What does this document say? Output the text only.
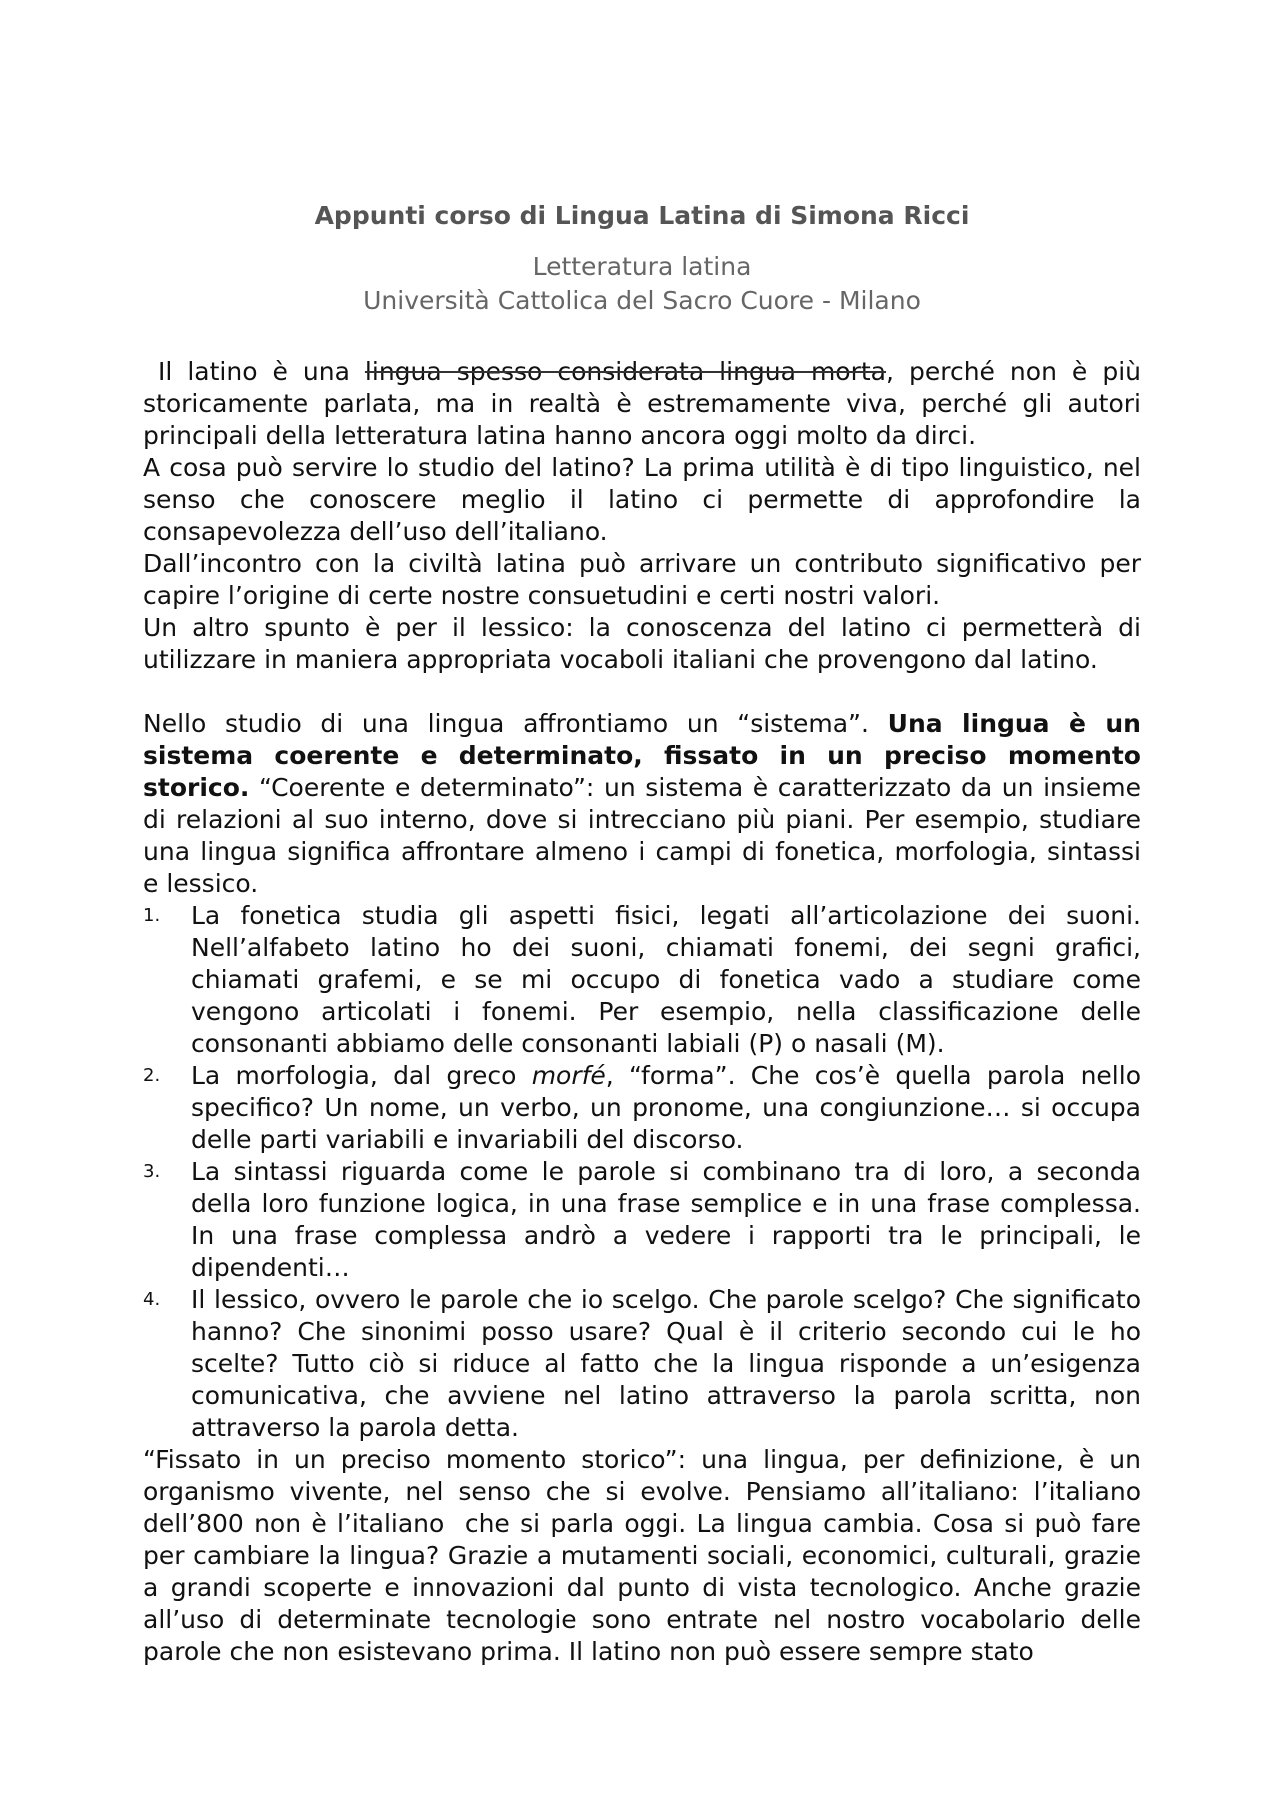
Appunti corso di Lingua Latina di Simona Ricci
Letteratura latina
Università Cattolica del Sacro Cuore - Milano

Il latino è una lingua spesso considerata lingua morta, perché non è più storicamente parlata, ma in realtà è estremamente viva, perché gli autori principali della letteratura latina hanno ancora oggi molto da dirci.

A cosa può servire lo studio del latino? La prima utilità è di tipo linguistico, nel senso che conoscere meglio il latino ci permette di approfondire la consapevolezza dell’uso dell’italiano.

Dall’incontro con la civiltà latina può arrivare un contributo significativo per capire l’origine di certe nostre consuetudini e certi nostri valori.

Un altro spunto è per il lessico: la conoscenza del latino ci permetterà di utilizzare in maniera appropriata vocaboli italiani che provengono dal latino.

Nello studio di una lingua affrontiamo un “sistema”. Una lingua è un sistema coerente e determinato, fissato in un preciso momento storico. “Coerente e determinato”: un sistema è caratterizzato da un insieme di relazioni al suo interno, dove si intrecciano più piani. Per esempio, studiare una lingua significa affrontare almeno i campi di fonetica, morfologia, sintassi e lessico.

1.	La fonetica studia gli aspetti fisici, legati all’articolazione dei suoni. Nell’alfabeto latino ho dei suoni, chiamati fonemi, dei segni grafici, chiamati grafemi, e se mi occupo di fonetica vado a studiare come vengono articolati i fonemi. Per esempio, nella classificazione delle consonanti abbiamo delle consonanti labiali (P) o nasali (M).
2.	La morfologia, dal greco morfé, “forma”. Che cos’è quella parola nello specifico? Un nome, un verbo, un pronome, una congiunzione… si occupa delle parti variabili e invariabili del discorso.
3.	La sintassi riguarda come le parole si combinano tra di loro, a seconda della loro funzione logica, in una frase semplice e in una frase complessa. In una frase complessa andrò a vedere i rapporti tra le principali, le dipendenti…
4.	Il lessico, ovvero le parole che io scelgo. Che parole scelgo? Che significato hanno? Che sinonimi posso usare? Qual è il criterio secondo cui le ho scelte? Tutto ciò si riduce al fatto che la lingua risponde a un’esigenza comunicativa, che avviene nel latino attraverso la parola scritta, non attraverso la parola detta.

“Fissato in un preciso momento storico”: una lingua, per definizione, è un organismo vivente, nel senso che si evolve. Pensiamo all’italiano: l’italiano dell’800 non è l’italiano  che si parla oggi. La lingua cambia. Cosa si può fare per cambiare la lingua? Grazie a mutamenti sociali, economici, culturali, grazie a grandi scoperte e innovazioni dal punto di vista tecnologico. Anche grazie all’uso di determinate tecnologie sono entrate nel nostro vocabolario delle parole che non esistevano prima. Il latino non può essere sempre stato
